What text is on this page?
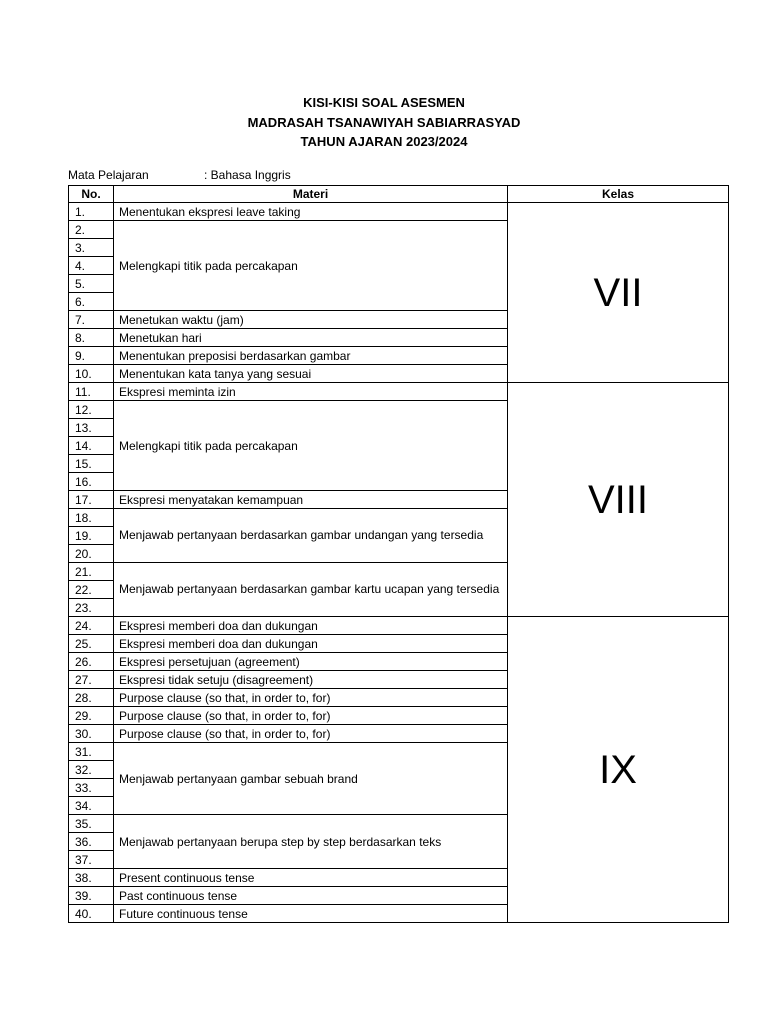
KISI-KISI SOAL ASESMEN
MADRASAH TSANAWIYAH SABIARRASYAD
TAHUN AJARAN 2023/2024
Mata Pelajaran	: Bahasa Inggris
No.	Materi	Kelas
1.	Menentukan ekspresi leave taking	VII
2.	Melengkapi titik pada percakapan	
3.		
4.		
5.		
6.		
7.	Menetukan waktu (jam)	
8.	Menetukan hari	
9.	Menentukan preposisi berdasarkan gambar	
10.	Menentukan kata tanya yang sesuai	
11.	Ekspresi meminta izin	VIII
12.	Melengkapi titik pada percakapan	
13.		
14.		
15.		
16.		
17.	Ekspresi menyatakan kemampuan	
18.	Menjawab pertanyaan berdasarkan gambar undangan yang tersedia	
19.		
20.		
21.	Menjawab pertanyaan berdasarkan gambar kartu ucapan yang tersedia	
22.		
23.		
24.	Ekspresi memberi doa dan dukungan	IX
25.	Ekspresi memberi doa dan dukungan	
26.	Ekspresi persetujuan (agreement)	
27.	Ekspresi tidak setuju (disagreement)	
28.	Purpose clause (so that, in order to, for)	
29.	Purpose clause (so that, in order to, for)	
30.	Purpose clause (so that, in order to, for)	
31.	Menjawab pertanyaan gambar sebuah brand	
32.		
33.		
34.		
35.	Menjawab pertanyaan berupa step by step berdasarkan teks	
36.		
37.		
38.	Present continuous tense	
39.	Past continuous tense	
40.	Future continuous tense	
